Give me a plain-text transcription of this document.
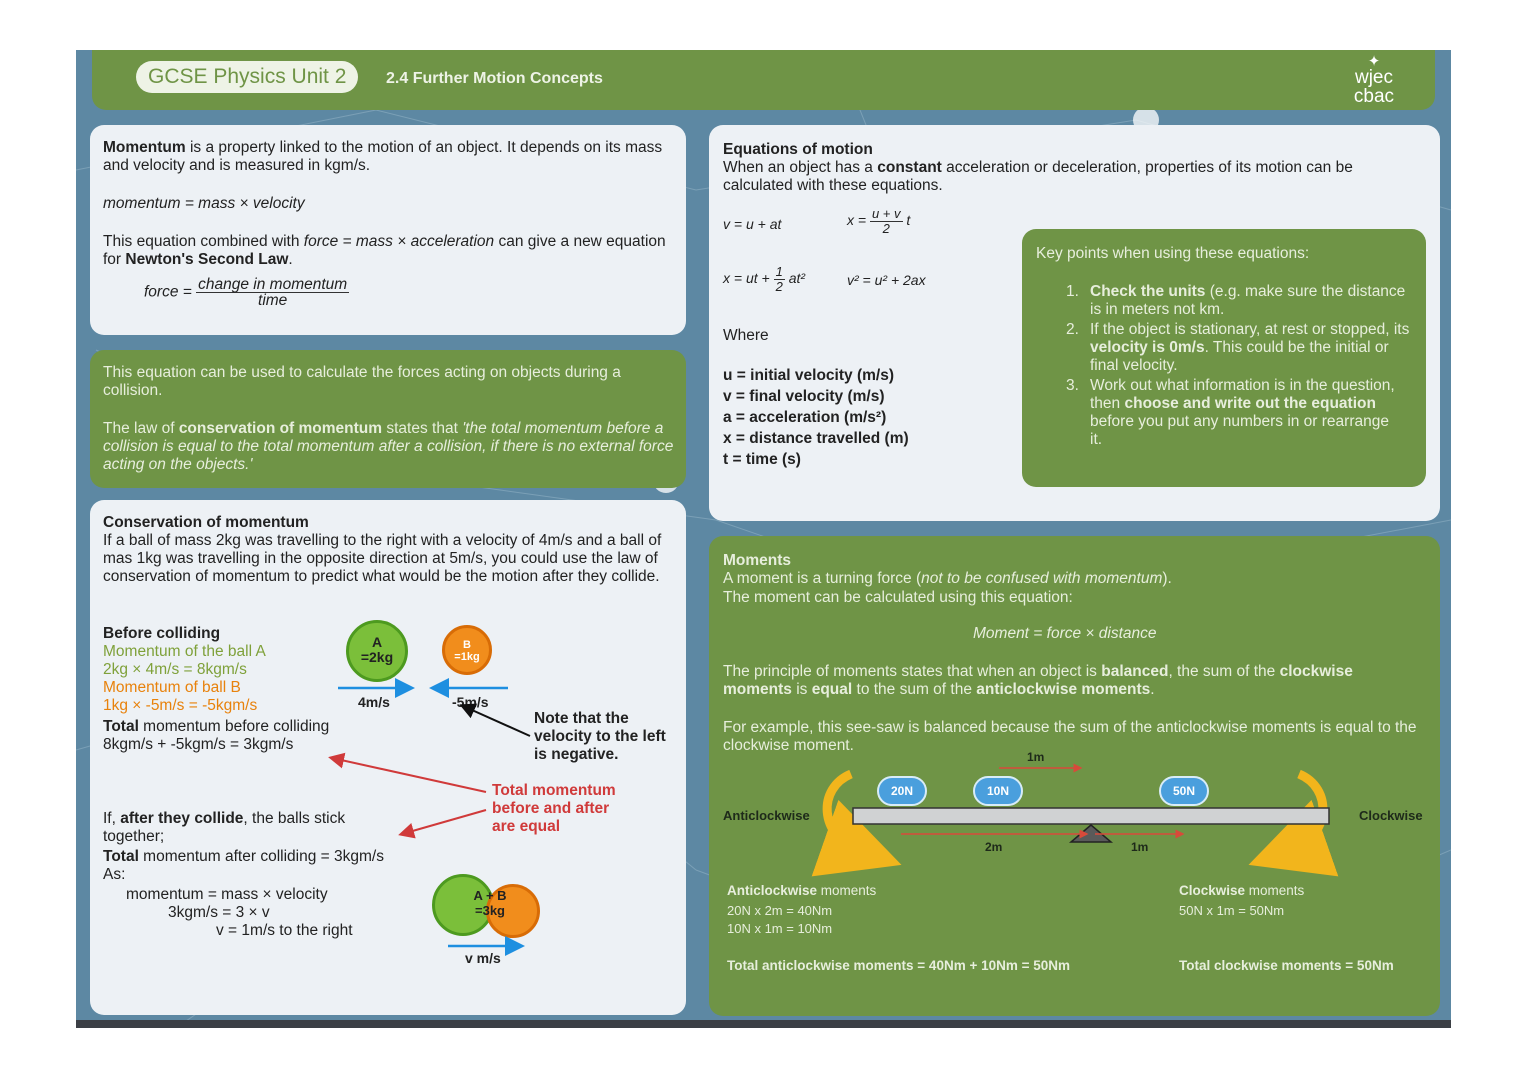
GCSE Physics Unit 2	2.4 Further Motion Concepts
✦
wjec
cbac

Momentum is a property linked to the motion of an object. It depends on its mass and velocity and is measured in kgm/s.

momentum = mass × velocity

This equation combined with force = mass × acceleration can give a new equation for Newton's Second Law.

force = $\frac{\text{change in momentum}}{\text{time}}$

This equation can be used to calculate the forces acting on objects during a collision.

The law of conservation of momentum states that 'the total momentum before a collision is equal to the total momentum after a collision, if there is no external force acting on the objects.'

Conservation of momentum

If a ball of mass 2kg was travelling to the right with a velocity of 4m/s and a ball of mas 1kg was travelling in the opposite direction at 5m/s, you could use the law of conservation of momentum to predict what would be the motion after they collide.

Before colliding

Momentum of the ball A

2kg × 4m/s = 8kgm/s

Momentum of ball B

1kg × -5m/s = -5kgm/s

Total momentum before colliding

8kgm/s + -5kgm/s = 3kgm/s

A
=2kg
B
=1kg
4m/s	-5m/s

Note that the velocity to the left is negative.

Total momentum before and after are equal

If, after they collide, the balls stick together;

Total momentum after colliding = 3kgm/s

As:

momentum = mass × velocity

3kgm/s = 3 × v

v = 1m/s to the right

A + B
=3kg
v m/s

Equations of motion

When an object has a constant acceleration or deceleration, properties of its motion can be calculated with these equations.

v = u + at	$x = \frac{u + v}{2}$ t
x = ut + $\frac{1}{2} at^2$	v² = u² + 2ax

Where

u = initial velocity (m/s)
v = final velocity (m/s)
a = acceleration (m/s²)
x = distance travelled (m)
t = time (s)

Key points when using these equations:

1. Check the units (e.g. make sure the distance is in meters not km.

2. If the object is stationary, at rest or stopped, its velocity is 0m/s. This could be the initial or final velocity.

3. Work out what information is in the question, then choose and write out the equation before you put any numbers in or rearrange it.

Moments

A moment is a turning force (not to be confused with momentum).

The moment can be calculated using this equation:

Moment = force × distance

The principle of moments states that when an object is balanced, the sum of the clockwise moments is equal to the sum of the anticlockwise moments.

For example, this see-saw is balanced because the sum of the anticlockwise moments is equal to the clockwise moment.

Anticlockwise	Clockwise
20N	10N	50N
1m
2m	1m

Anticlockwise moments

20N x 2m = 40Nm

10N x 1m = 10Nm

Clockwise moments

50N x 1m = 50Nm

Total anticlockwise moments = 40Nm + 10Nm = 50Nm	Total clockwise moments = 50Nm
